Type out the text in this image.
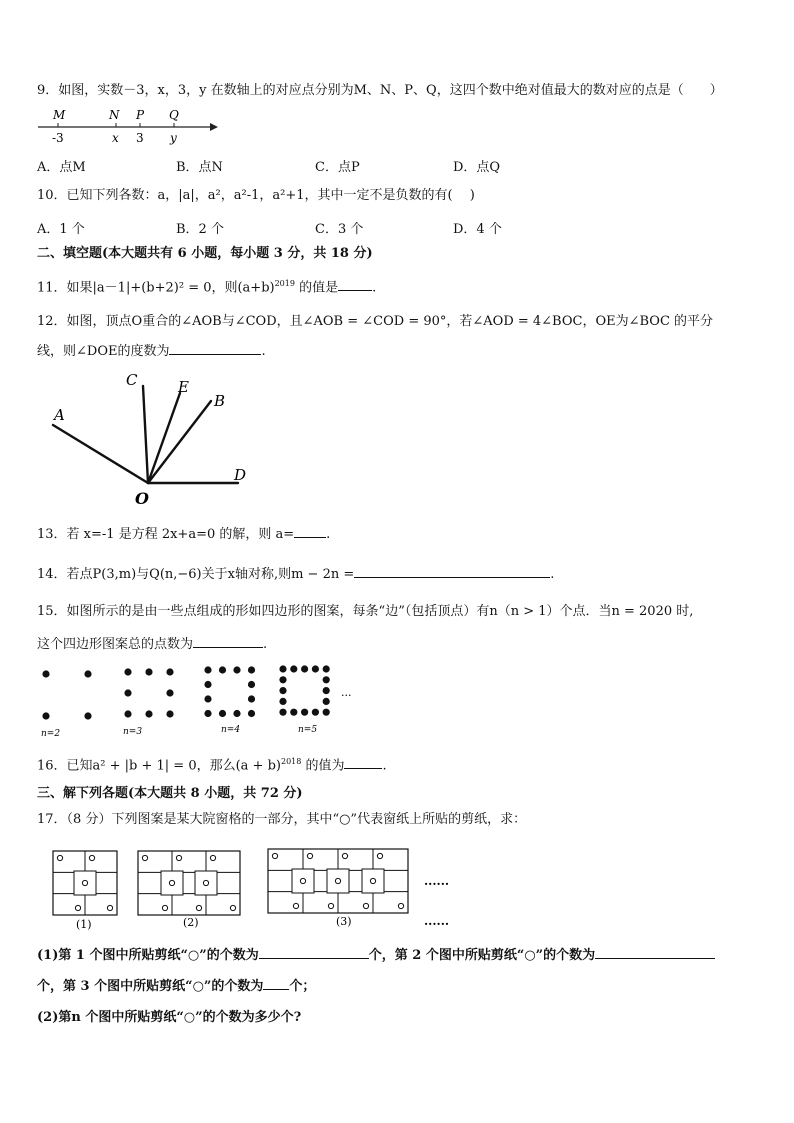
9．如图，实数－3，x，3，y 在数轴上的对应点分别为M、N、P、Q，这四个数中绝对值最大的数对应的点是（　　）
M	N P Q
-3	x 3 y
A．点M	B．点N	C．点P	D．点Q
10．已知下列各数：a，|a|，a²，a²-1，a²+1，其中一定不是负数的有(　 )
A．1 个	B．2 个	C．3 个	D．4 个
二、填空题(本大题共有 6 小题，每小题 3 分，共 18 分)
11．如果|a－1|+(b+2)² = 0，则$(a+b)^{2019}$ 的值是	.
12．如图，顶点O重合的∠AOB与∠COD，且∠AOB = ∠COD = 90°，若∠AOD = 4∠BOC，OE为∠BOC 的平分
线，则∠DOE的度数为	.
A
C	E
B
D
O
13．若 x=-1 是方程 2x+a=0 的解，则 a= .
14．若点P(3,m)与Q(n,−6)关于x轴对称,则m − 2n =	.
15．如图所示的是由一些点组成的形如四边形的图案，每条“边”（包括顶点）有n（n > 1）个点．当n = 2020 时,
这个四边形图案总的点数为	.
n=2	n=3	n=4	n=5
...
16．已知a² + |b + 1| = 0，那么$(a + b)^{2018}$ 的值为	.
三、解下列各题(本大题共 8 小题，共 72 分)
17．（8 分）下列图案是某大院窗格的一部分，其中“○”代表窗纸上所贴的剪纸，求：
(1)	(2)	(3)
......
......
(1)第 1 个图中所贴剪纸“○”的个数为	个，第 2 个图中所贴剪纸“○”的个数为
个，第 3 个图中所贴剪纸“○”的个数为 个；
(2)第n 个图中所贴剪纸“○”的个数为多少个?
